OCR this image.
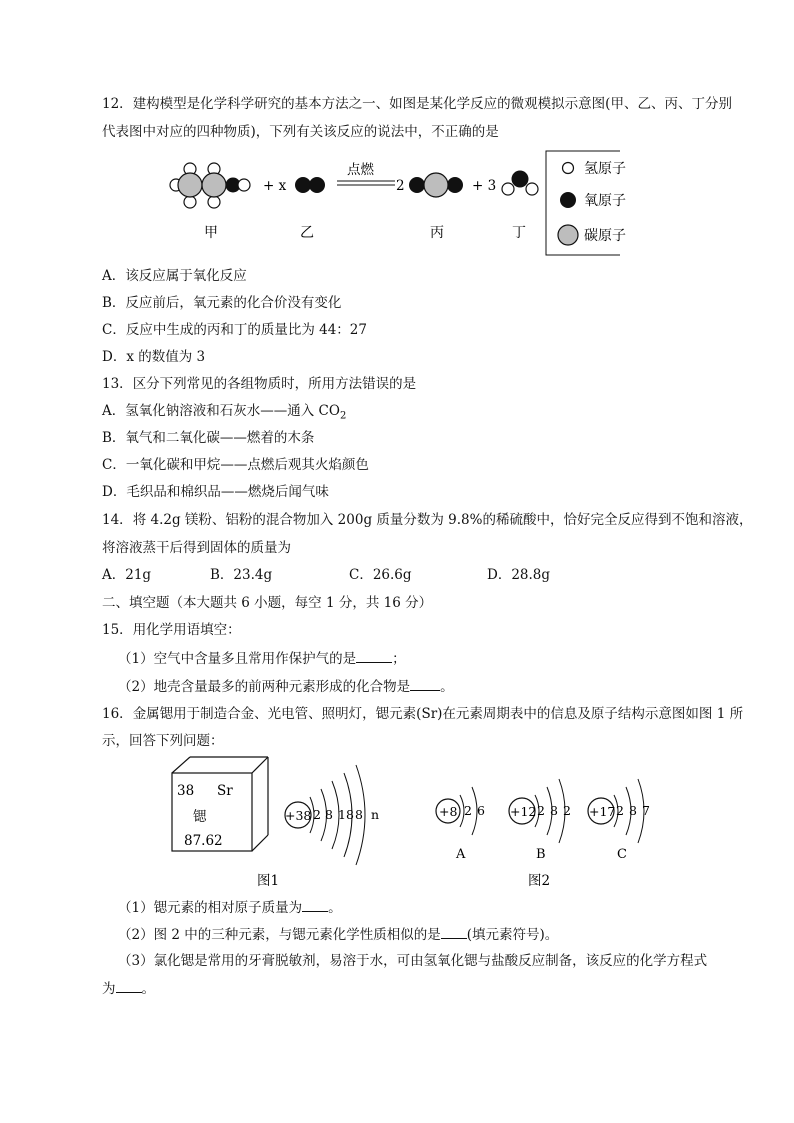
12．建构模型是化学科学研究的基本方法之一、如图是某化学反应的微观模拟示意图(甲、乙、丙、丁分别
代表图中对应的四种物质)，下列有关该反应的说法中，不正确的是
+ x
点燃
2	+ 3
甲	乙	丙	丁
氢原子
氧原子
碳原子
A．该反应属于氧化反应
B．反应前后，氧元素的化合价没有变化
C．反应中生成的丙和丁的质量比为 44：27
D．x 的数值为 3
13．区分下列常见的各组物质时，所用方法错误的是
A．氢氧化钠溶液和石灰水——通入 $CO_2$
B．氧气和二氧化碳——燃着的木条
C．一氧化碳和甲烷——点燃后观其火焰颜色
D．毛织品和棉织品——燃烧后闻气味
14．将 4.2g 镁粉、铝粉的混合物加入 200g 质量分数为 9.8%的稀硫酸中，恰好完全反应得到不饱和溶液，
将溶液蒸干后得到固体的质量为
A．21g	B．23.4g	C．26.6g	D．28.8g
二、填空题（本大题共 6 小题，每空 1 分，共 16 分）
15．用化学用语填空：
（1）空气中含量多且常用作保护气的是	；
（2）地壳含量最多的前两种元素形成的化合物是 。
16．金属锶用于制造合金、光电管、照明灯，锶元素(Sr)在元素周期表中的信息及原子结构示意图如图 1 所
示，回答下列问题：
38 Sr
锶
87.62
+38 2 8 18 8 n	+8 2 6
A
+12 2 8 2
B
+17 2 8 7
C
图1	图2
（1）锶元素的相对原子质量为 。
（2）图 2 中的三种元素，与锶元素化学性质相似的是 (填元素符号)。
（3）氯化锶是常用的牙膏脱敏剂，易溶于水，可由氢氧化锶与盐酸反应制备，该反应的化学方程式
为 。
